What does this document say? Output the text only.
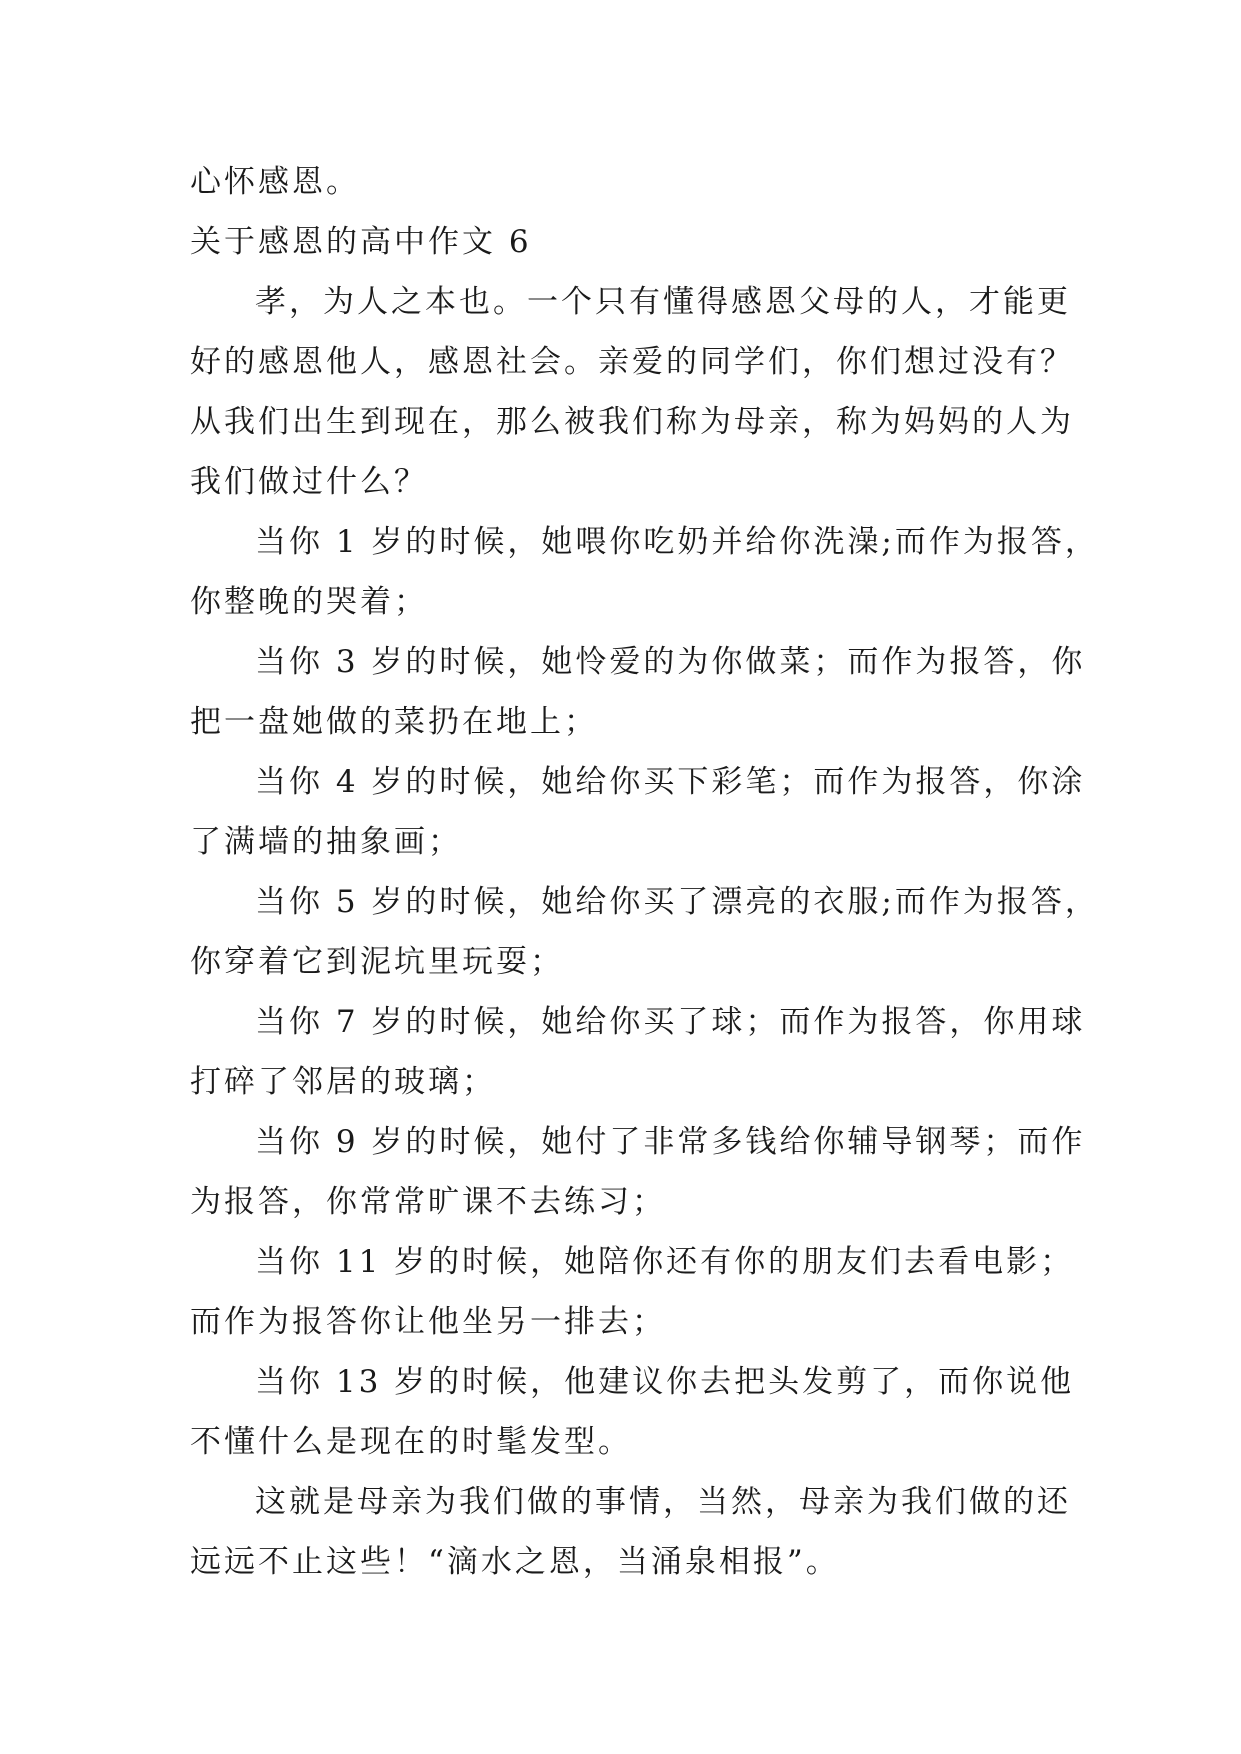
心怀感恩。

关于感恩的高中作文 6

孝，为人之本也。一个只有懂得感恩父母的人，才能更

好的感恩他人，感恩社会。亲爱的同学们，你们想过没有？

从我们出生到现在，那么被我们称为母亲，称为妈妈的人为

我们做过什么？

当你 1 岁的时候，她喂你吃奶并给你洗澡;而作为报答，

你整晚的哭着；

当你 3 岁的时候，她怜爱的为你做菜；而作为报答，你

把一盘她做的菜扔在地上；

当你 4 岁的时候，她给你买下彩笔；而作为报答，你涂

了满墙的抽象画；

当你 5 岁的时候，她给你买了漂亮的衣服;而作为报答，

你穿着它到泥坑里玩耍；

当你 7 岁的时候，她给你买了球；而作为报答，你用球

打碎了邻居的玻璃；

当你 9 岁的时候，她付了非常多钱给你辅导钢琴；而作

为报答，你常常旷课不去练习；

当你 11 岁的时候，她陪你还有你的朋友们去看电影；

而作为报答你让他坐另一排去；

当你 13 岁的时候，他建议你去把头发剪了，而你说他

不懂什么是现在的时髦发型。

这就是母亲为我们做的事情，当然，母亲为我们做的还

远远不止这些！“滴水之恩，当涌泉相报”。
